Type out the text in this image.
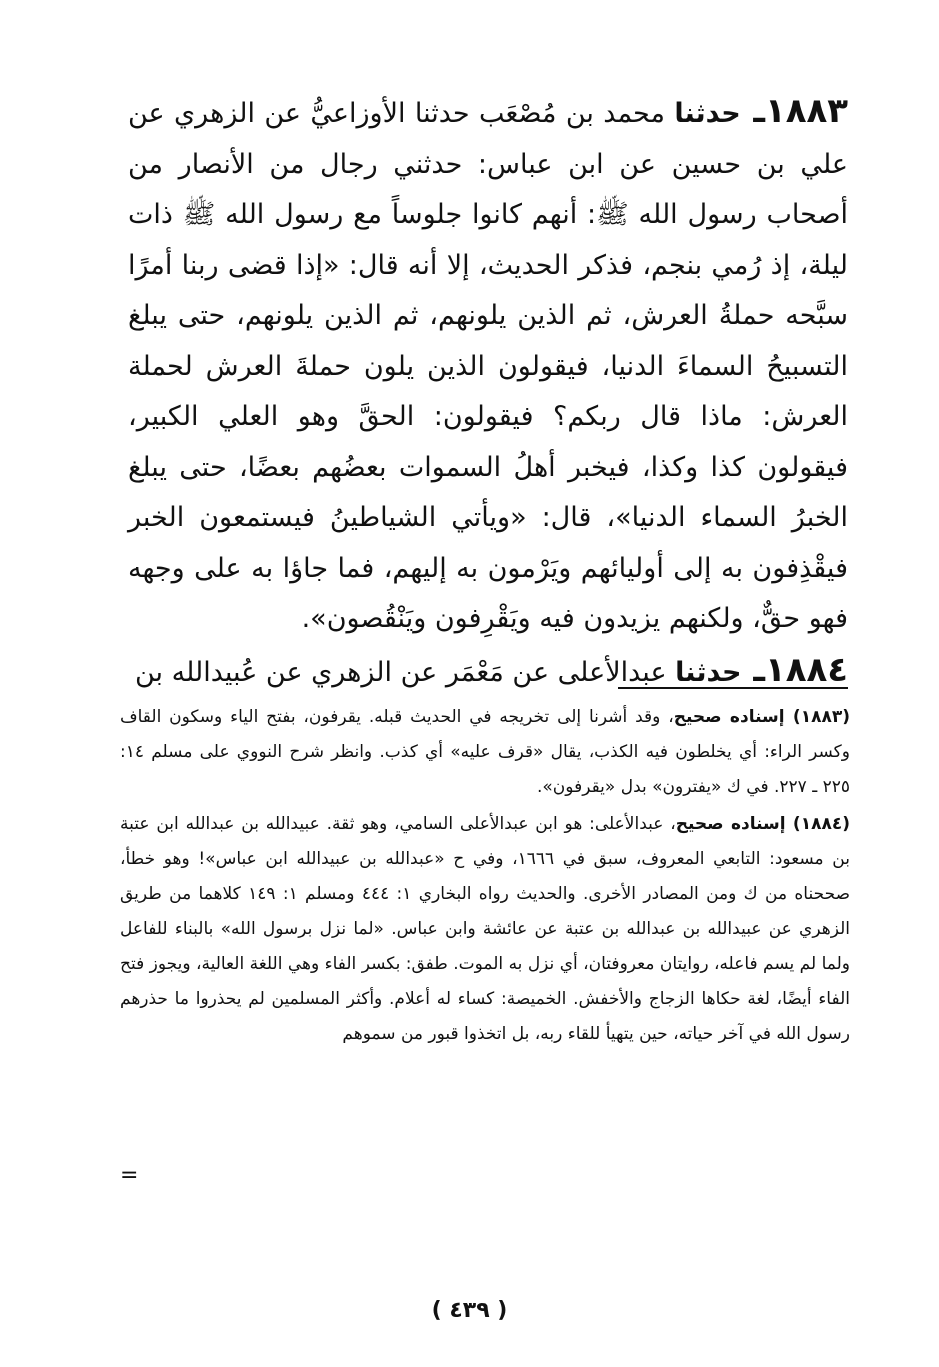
١٨٨٣ـ حدثنا محمد بن مُصْعَب حدثنا الأوزاعيُّ عن الزهري عن علي بن حسين عن ابن عباس: حدثني رجال من الأنصار من أصحاب رسول الله ﷺ: أنهم كانوا جلوساً مع رسول الله ﷺ ذات ليلة، إذ رُمي بنجم، فذكر الحديث، إلا أنه قال: «إذا قضى ربنا أمرًا سبَّحه حملةُ العرش، ثم الذين يلونهم، ثم الذين يلونهم، حتى يبلغ التسبيحُ السماءَ الدنيا، فيقولون الذين يلون حملةَ العرش لحملة العرش: ماذا قال ربكم؟ فيقولون: الحقَّ وهو العلي الكبير، فيقولون كذا وكذا، فيخبر أهلُ السموات بعضُهم بعضًا، حتى يبلغ الخبرُ السماء الدنيا»، قال: «ويأتي الشياطينُ فيستمعون الخبر فيقْذِفون به إلى أوليائهم ويَرْمون به إليهم، فما جاؤا به على وجهه فهو حقٌّ، ولكنهم يزيدون فيه ويَقْرِفون ويَنْقُصون».

١٨٨٤ـ حدثنا عبدالأعلى عن مَعْمَر عن الزهري عن عُبيدالله بن

(١٨٨٣) إسناده صحيح، وقد أشرنا إلى تخريجه في الحديث قبله. يقرفون، بفتح الياء وسكون القاف وكسر الراء: أي يخلطون فيه الكذب، يقال «قرف عليه» أي كذب. وانظر شرح النووي على مسلم ١٤: ٢٢٥ ـ ٢٢٧. في ك «يفترون» بدل «يقرفون».

(١٨٨٤) إسناده صحيح، عبدالأعلى: هو ابن عبدالأعلى السامي، وهو ثقة. عبيدالله بن عبدالله ابن عتبة بن مسعود: التابعي المعروف، سبق في ١٦٦٦، وفي ح «عبدالله بن عبيدالله ابن عباس»! وهو خطأ، صححناه من ك ومن المصادر الأخرى. والحديث رواه البخاري ١: ٤٤٤ ومسلم ١: ١٤٩ كلاهما من طريق الزهري عن عبيدالله بن عبدالله بن عتبة عن عائشة وابن عباس. «لما نزل برسول الله» بالبناء للفاعل ولما لم يسم فاعله، روايتان معروفتان، أي نزل به الموت. طفق: بكسر الفاء وهي اللغة العالية، ويجوز فتح الفاء أيضًا، لغة حكاها الزجاج والأخفش. الخميصة: كساء له أعلام. وأكثر المسلمين لم يحذروا ما حذرهم رسول الله في آخر حياته، حين يتهيأ للقاء ربه، بل اتخذوا قبور من سموهم

=
( ٤٣٩ )
